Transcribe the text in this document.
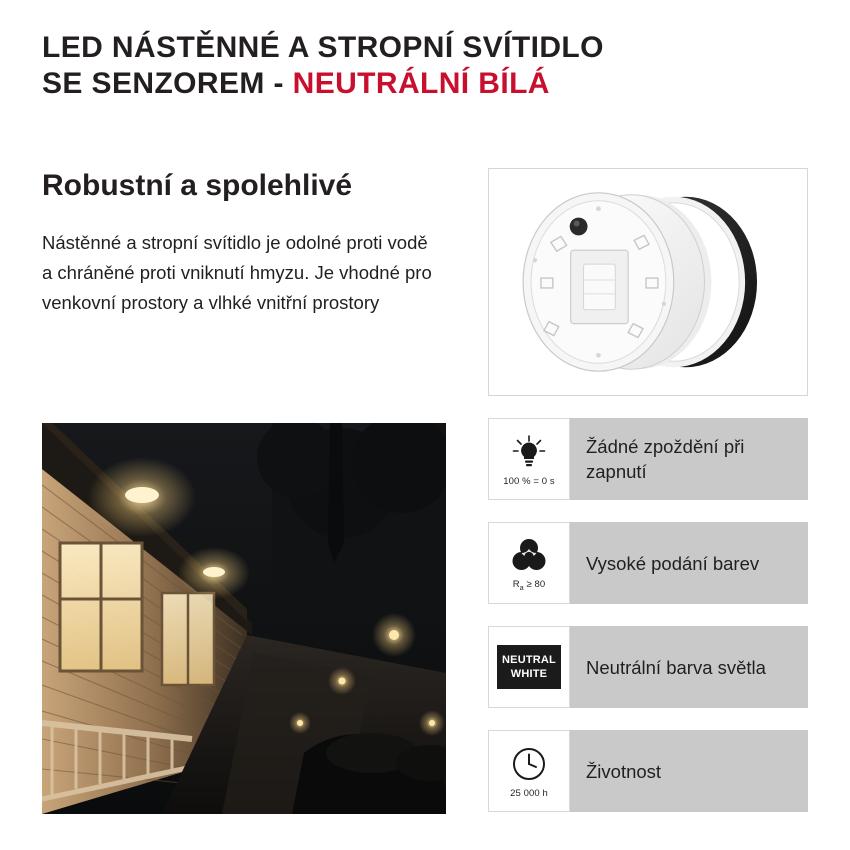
LED NÁSTĚNNÉ A STROPNÍ SVÍTIDLO
SE SENZOREM - NEUTRÁLNÍ BÍLÁ
Robustní a spolehlivé
Nástěnné a stropní svítidlo je odolné proti vodě a chráněné proti vniknutí hmyzu. Je vhodné pro venkovní prostory a vlhké vnitřní prostory
100 % = 0 s
Žádné zpoždění při zapnutí
$R_a \ge 80$
Vysoké podání barev
NEUTRAL
WHITE	Neutrální barva světla
25 000 h
Životnost
